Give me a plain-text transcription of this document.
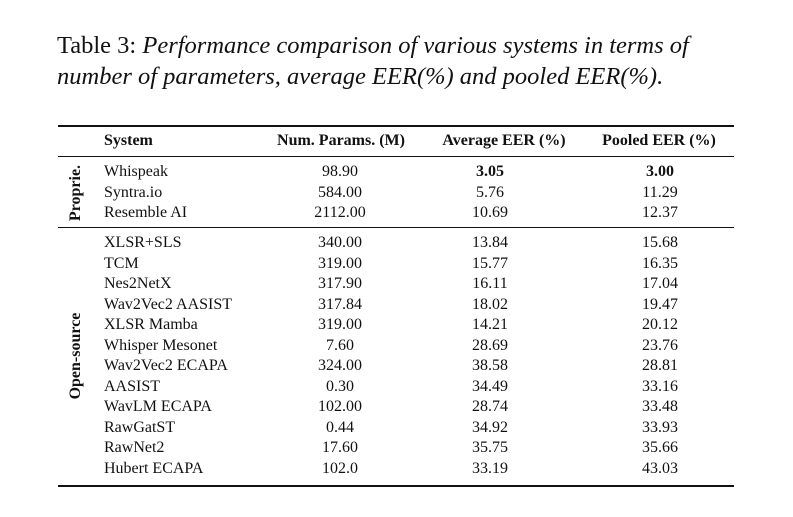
Table 3: Performance comparison of various systems in terms of number of parameters, average EER(%) and pooled EER(%).
System	Num. Params. (M)	Average EER (%)	Pooled EER (%)
Whispeak	98.90	3.05	3.00
Syntra.io	584.00	5.76	11.29
Resemble AI	2112.00	10.69	12.37
Proprie.
XLSR+SLS	340.00	13.84	15.68
TCM	319.00	15.77	16.35
Nes2NetX	317.90	16.11	17.04
Wav2Vec2 AASIST	317.84	18.02	19.47
XLSR Mamba	319.00	14.21	20.12
Whisper Mesonet	7.60	28.69	23.76
Wav2Vec2 ECAPA	324.00	38.58	28.81
AASIST	0.30	34.49	33.16
WavLM ECAPA	102.00	28.74	33.48
RawGatST	0.44	34.92	33.93
RawNet2	17.60	35.75	35.66
Hubert ECAPA	102.0	33.19	43.03
Open-source
